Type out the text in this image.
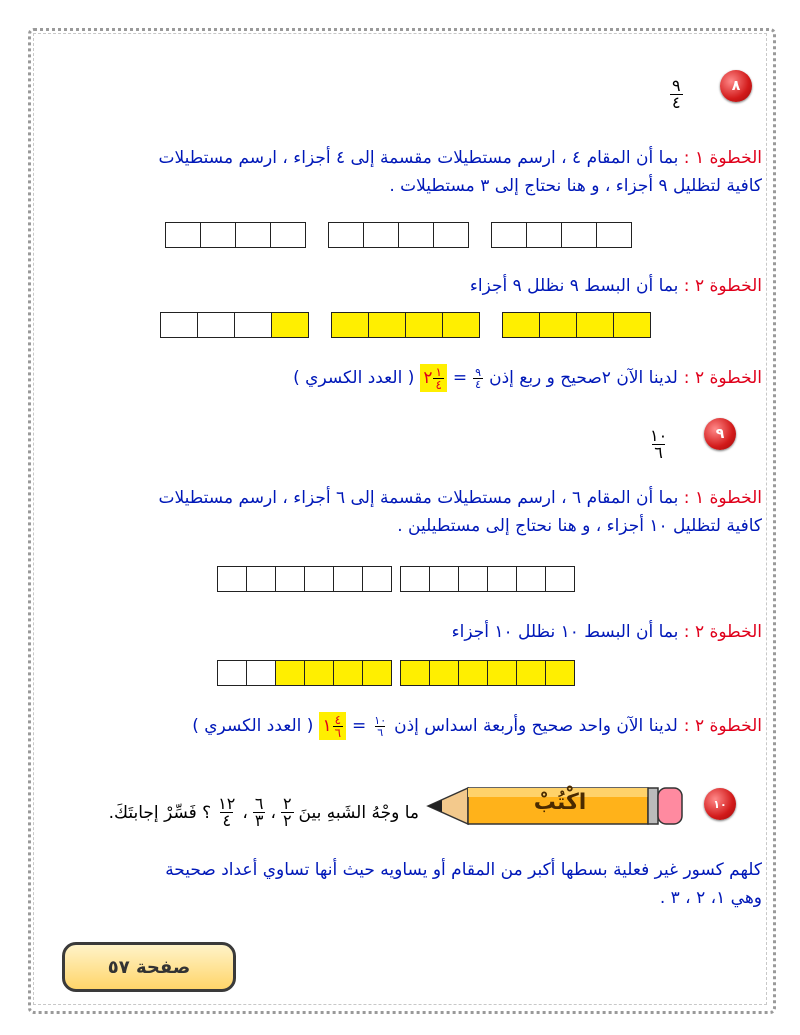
٨
$\frac{٩}{٤}$
الخطوة ١ : بما أن المقام ٤ ، ارسم مستطيلات مقسمة إلى ٤ أجزاء ، ارسم مستطيلات
كافية لتظليل ٩ أجزاء ، و هنا نحتاج إلى ٣ مستطيلات .
الخطوة ٢ : بما أن البسط ٩ نظلل ٩ أجزاء
الخطوة ٢ :
لدينا الآن ٢صحيح و ربع إذن
$\frac{٩}{٤}$
=
$\frac{١}{٤}$
٢
( العدد الكسري )
٩
$\frac{١٠}{٦}$
الخطوة ١ : بما أن المقام ٦ ، ارسم مستطيلات مقسمة إلى ٦ أجزاء ، ارسم مستطيلات
كافية لتظليل ١٠ أجزاء ، و هنا نحتاج إلى مستطيلين .
الخطوة ٢ : بما أن البسط ١٠ نظلل ١٠ أجزاء
الخطوة ٢ :
لدينا الآن واحد صحيح وأربعة اسداس إذن
$\frac{١٠}{٦}$
=
$\frac{٤}{٦}$
١
( العدد الكسري )
١٠
اكْتُبْ
ما وجْهُ الشَبهِ بينَ
$\frac{٢}{٢}$
،
$\frac{٦}{٣}$
،
$\frac{١٢}{٤}$
؟ فَسِّرْ إجابتَكَ.
كلهم كسور غير فعلية بسطها أكبر من المقام أو يساويه حيث أنها تساوي أعداد صحيحة
وهي ١، ٢ ، ٣ .
صفحة ٥٧
